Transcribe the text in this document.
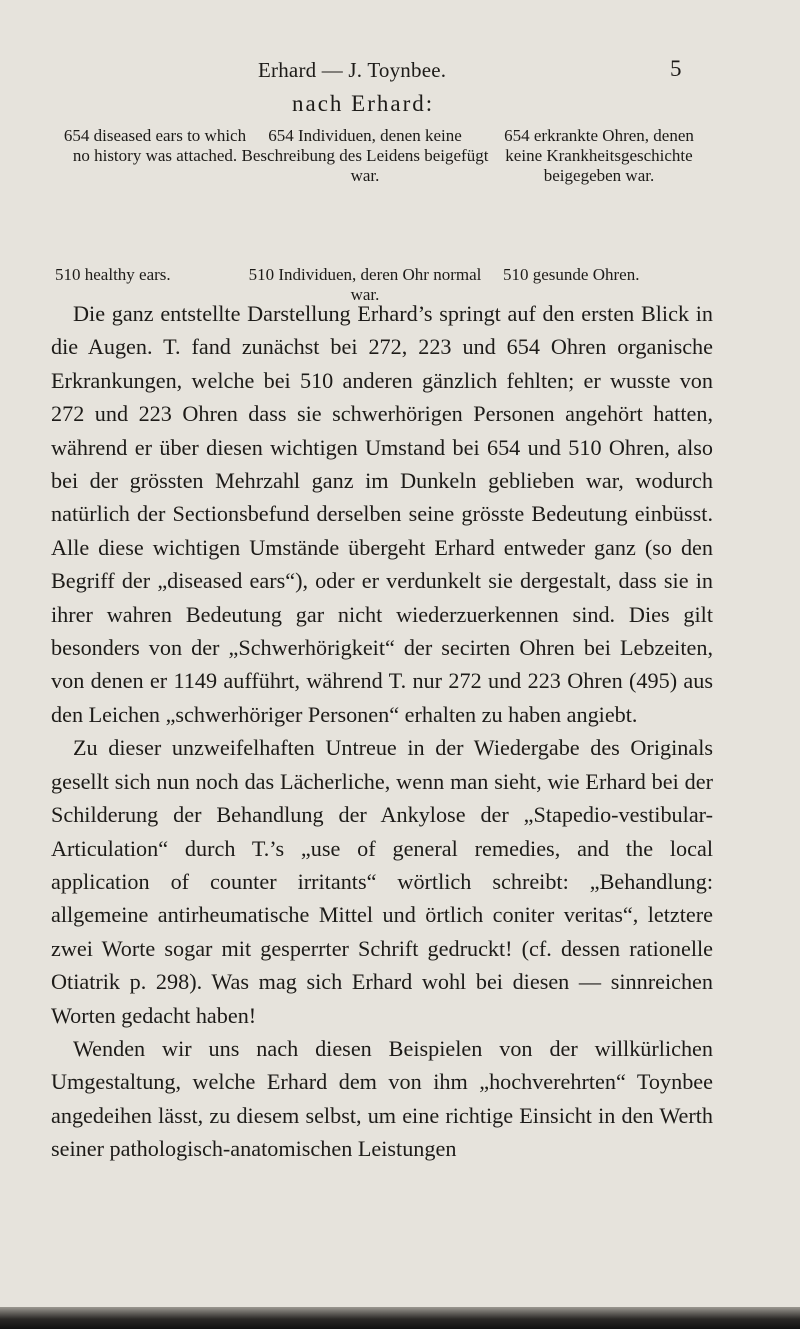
Erhard — J. Toynbee.	5
nach Erhard:
654 diseased ears to which no history was attached.
654 Individuen, denen keine Beschreibung des Leidens beigefügt war.
654 erkrankte Ohren, denen keine Krankheitsgeschichte beigegeben war.
510 healthy ears.	510 Individuen, deren Ohr normal war.
510 gesunde Ohren.

Die ganz entstellte Darstellung Erhard’s springt auf den ersten Blick in die Augen. T. fand zunächst bei 272, 223 und 654 Ohren organische Erkrankungen, welche bei 510 anderen gänzlich fehlten; er wusste von 272 und 223 Ohren dass sie schwerhörigen Personen angehört hatten, während er über diesen wichtigen Umstand bei 654 und 510 Ohren, also bei der grössten Mehrzahl ganz im Dunkeln geblieben war, wodurch natürlich der Sectionsbefund derselben seine grösste Bedeutung einbüsst. Alle diese wichtigen Umstände übergeht Erhard entweder ganz (so den Begriff der „diseased ears“), oder er verdunkelt sie dergestalt, dass sie in ihrer wahren Bedeutung gar nicht wiederzuerkennen sind. Dies gilt besonders von der „Schwerhörigkeit“ der secirten Ohren bei Lebzeiten, von denen er 1149 aufführt, während T. nur 272 und 223 Ohren (495) aus den Leichen „schwerhöriger Personen“ erhalten zu haben angiebt.

Zu dieser unzweifelhaften Untreue in der Wiedergabe des Originals gesellt sich nun noch das Lächerliche, wenn man sieht, wie Erhard bei der Schilderung der Behandlung der Ankylose der „Stapedio-vestibular-Articulation“ durch T.’s „use of general remedies, and the local application of counter irritants“ wörtlich schreibt: „Behandlung: allgemeine antirheumatische Mittel und örtlich coniter veritas“, letztere zwei Worte sogar mit gesperrter Schrift gedruckt! (cf. dessen rationelle Otiatrik p. 298). Was mag sich Erhard wohl bei diesen — sinnreichen Worten gedacht haben!

Wenden wir uns nach diesen Beispielen von der willkürlichen Umgestaltung, welche Erhard dem von ihm „hochverehrten“ Toynbee angedeihen lässt, zu diesem selbst, um eine richtige Einsicht in den Werth seiner pathologisch-anatomischen Leistungen
